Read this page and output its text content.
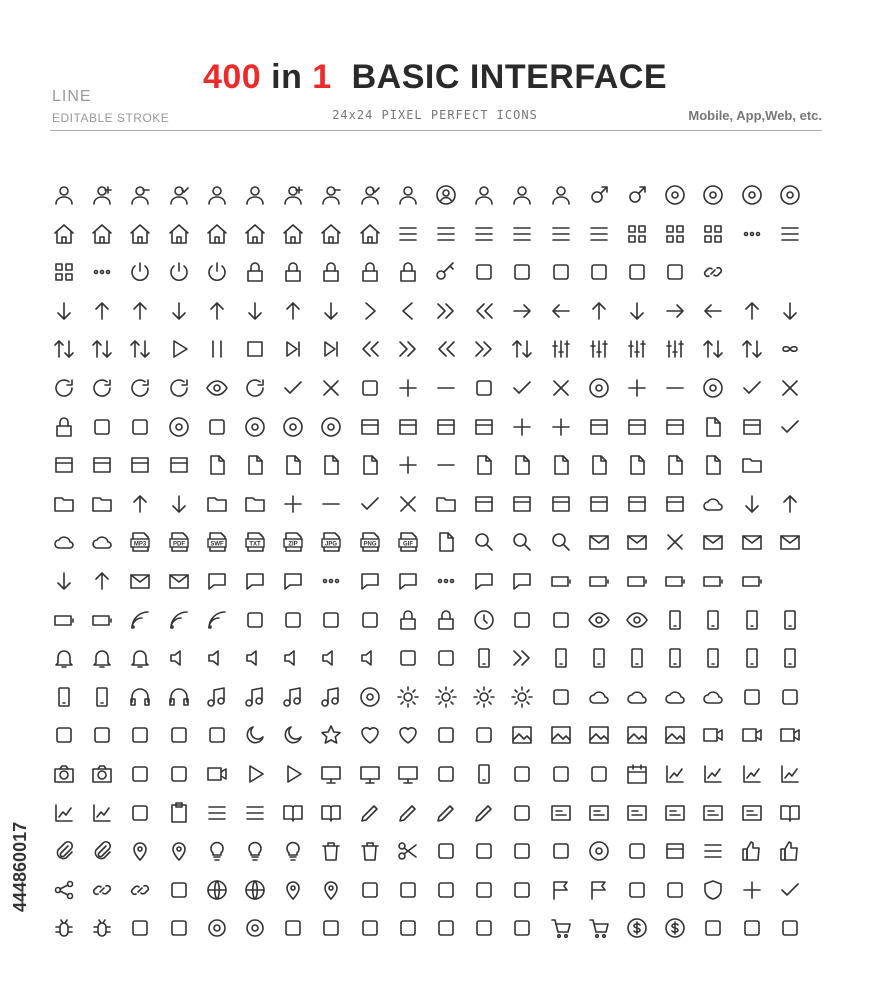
400 in 1 BASIC INTERFACE
LINE
EDITABLE STROKE	24x24 PIXEL PERFECT ICONS	Mobile, App,Web, etc.
444860017
MP3	PDF	SWF	TXT	ZIP	JPG	PNG	GIF
